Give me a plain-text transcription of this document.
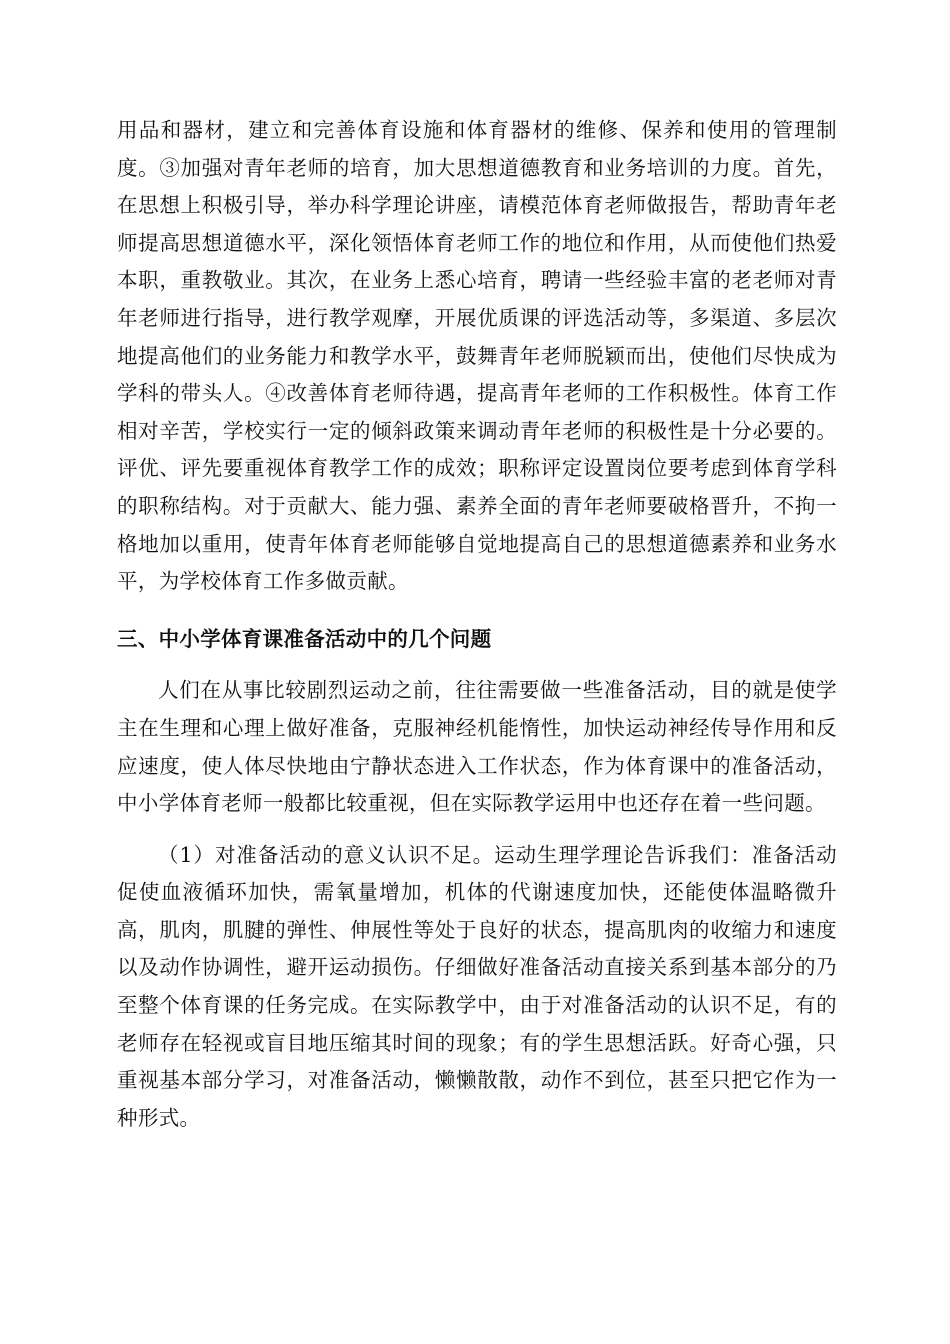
用品和器材，建立和完善体育设施和体育器材的维修、保养和使用的管理制度。③加强对青年老师的培育，加大思想道德教育和业务培训的力度。首先，在思想上积极引导，举办科学理论讲座，请模范体育老师做报告，帮助青年老师提高思想道德水平，深化领悟体育老师工作的地位和作用，从而使他们热爱本职，重教敬业。其次，在业务上悉心培育，聘请一些经验丰富的老老师对青年老师进行指导，进行教学观摩，开展优质课的评选活动等，多渠道、多层次地提高他们的业务能力和教学水平，鼓舞青年老师脱颖而出，使他们尽快成为学科的带头人。④改善体育老师待遇，提高青年老师的工作积极性。体育工作相对辛苦，学校实行一定的倾斜政策来调动青年老师的积极性是十分必要的。评优、评先要重视体育教学工作的成效；职称评定设置岗位要考虑到体育学科的职称结构。对于贡献大、能力强、素养全面的青年老师要破格晋升，不拘一格地加以重用，使青年体育老师能够自觉地提高自己的思想道德素养和业务水平，为学校体育工作多做贡献。

三、中小学体育课准备活动中的几个问题

人们在从事比较剧烈运动之前，往往需要做一些准备活动，目的就是使学主在生理和心理上做好准备，克服神经机能惰性，加快运动神经传导作用和反应速度，使人体尽快地由宁静状态进入工作状态，作为体育课中的准备活动，中小学体育老师一般都比较重视，但在实际教学运用中也还存在着一些问题。

（1）对准备活动的意义认识不足。运动生理学理论告诉我们：准备活动促使血液循环加快，需氧量增加，机体的代谢速度加快，还能使体温略微升高，肌肉，肌腱的弹性、伸展性等处于良好的状态，提高肌肉的收缩力和速度以及动作协调性，避开运动损伤。仔细做好准备活动直接关系到基本部分的乃至整个体育课的任务完成。在实际教学中，由于对准备活动的认识不足，有的老师存在轻视或盲目地压缩其时间的现象；有的学生思想活跃。好奇心强，只重视基本部分学习，对准备活动，懒懒散散，动作不到位，甚至只把它作为一种形式。
